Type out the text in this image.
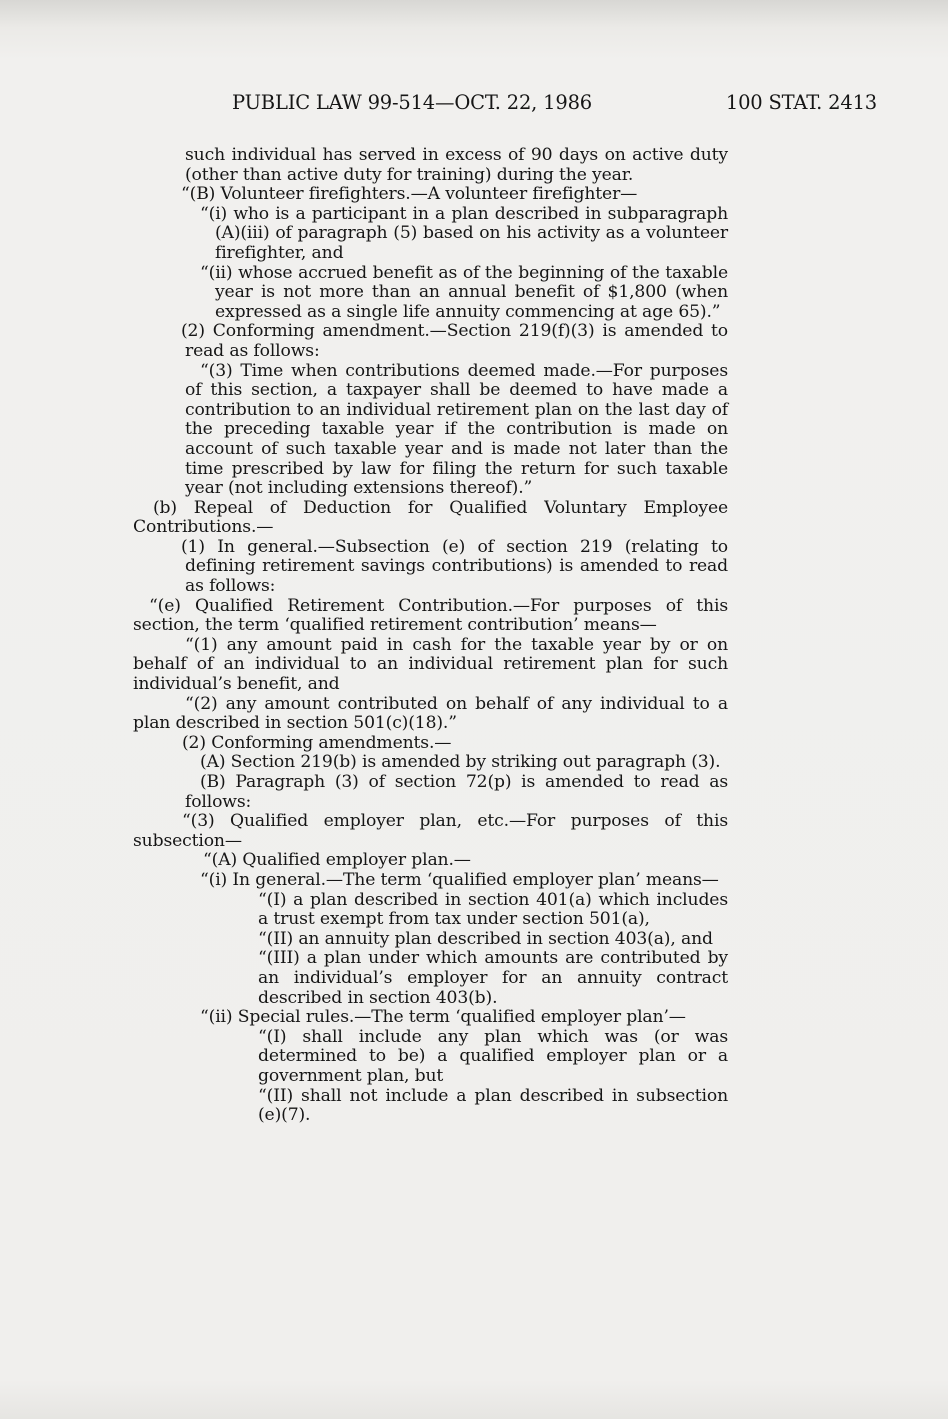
PUBLIC LAW 99-514—OCT. 22, 1986	100 STAT. 2413

such individual has served in excess of 90 days on active duty (other than active duty for training) during the year.

“(B) Volunteer firefighters.—A volunteer firefighter—

“(i) who is a participant in a plan described in subparagraph (A)(iii) of paragraph (5) based on his activity as a volunteer firefighter, and

“(ii) whose accrued benefit as of the beginning of the taxable year is not more than an annual benefit of $1,800 (when expressed as a single life annuity commencing at age 65).”

(2) Conforming amendment.—Section 219(f)(3) is amended to read as follows:

“(3) Time when contributions deemed made.—For purposes of this section, a taxpayer shall be deemed to have made a contribution to an individual retirement plan on the last day of the preceding taxable year if the contribution is made on account of such taxable year and is made not later than the time prescribed by law for filing the return for such taxable year (not including extensions thereof).”

(b) Repeal of Deduction for Qualified Voluntary Employee Contributions.—

(1) In general.—Subsection (e) of section 219 (relating to defining retirement savings contributions) is amended to read as follows:

“(e) Qualified Retirement Contribution.—For purposes of this section, the term ‘qualified retirement contribution’ means—

“(1) any amount paid in cash for the taxable year by or on behalf of an individual to an individual retirement plan for such individual’s benefit, and

“(2) any amount contributed on behalf of any individual to a plan described in section 501(c)(18).”

(2) Conforming amendments.—

(A) Section 219(b) is amended by striking out paragraph (3).

(B) Paragraph (3) of section 72(p) is amended to read as follows:

“(3) Qualified employer plan, etc.—For purposes of this subsection—

“(A) Qualified employer plan.—

“(i) In general.—The term ‘qualified employer plan’ means—

“(I) a plan described in section 401(a) which includes a trust exempt from tax under section 501(a),

“(II) an annuity plan described in section 403(a), and

“(III) a plan under which amounts are contributed by an individual’s employer for an annuity contract described in section 403(b).

“(ii) Special rules.—The term ‘qualified employer plan’—

“(I) shall include any plan which was (or was determined to be) a qualified employer plan or a government plan, but

“(II) shall not include a plan described in subsection (e)(7).
